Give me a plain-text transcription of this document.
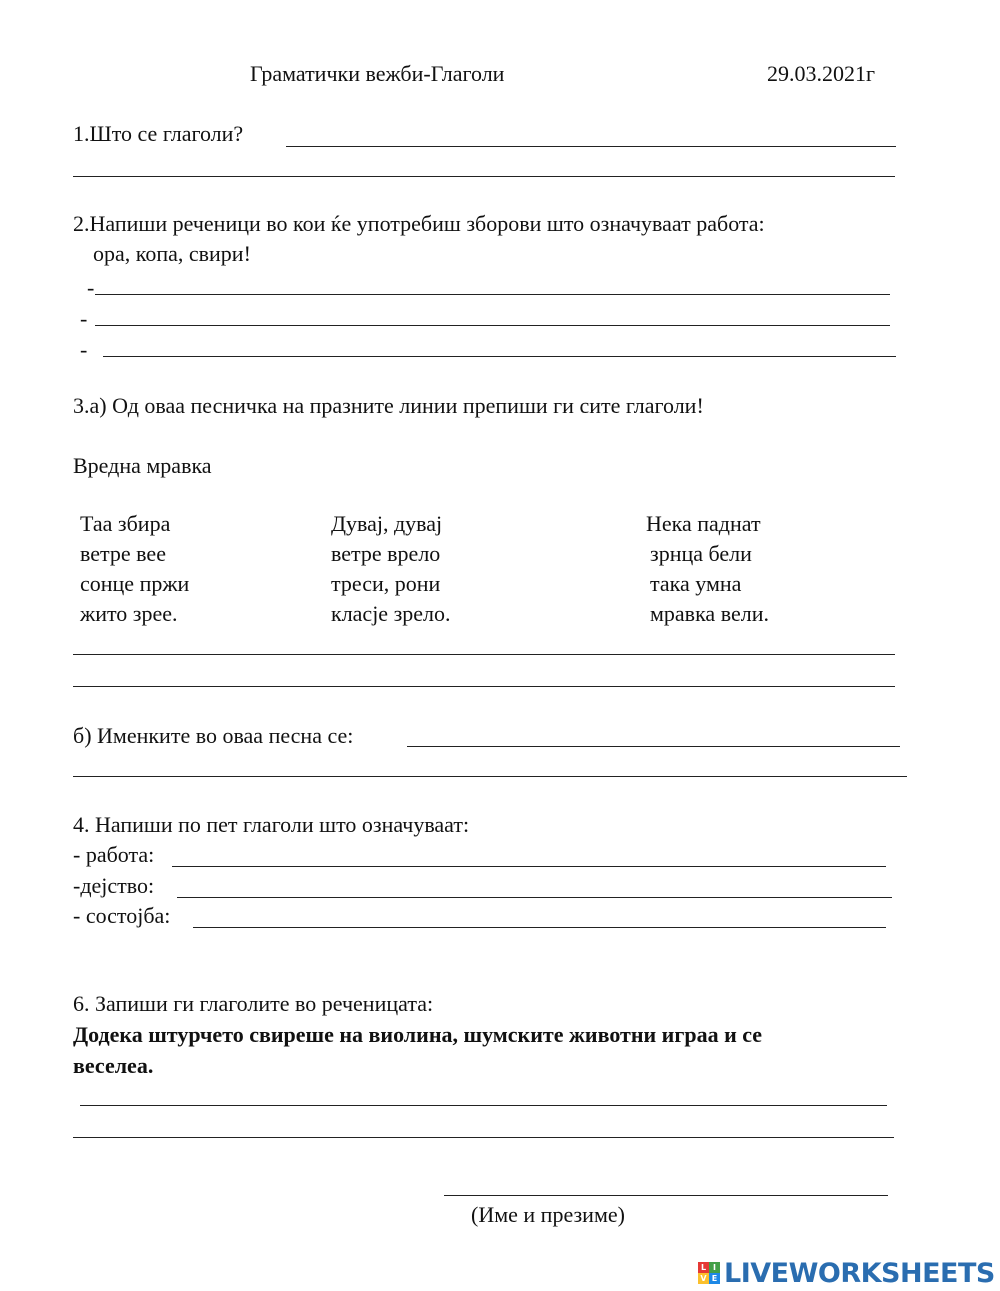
Граматички вежби-Глаголи	29.03.2021г
1.Што се глаголи?
2.Напиши реченици во кои ќе употребиш зборови што означуваат работа:
ора, копа, свири!
-
-
-
3.а) Од оваа песничка на празните линии препиши ги сите глаголи!
Вредна мравка
Таа збира
ветре вее
сонце пржи
жито зрее.
Дувај, дувај
ветре врело
треси, рони
класје зрело.
Нека паднат
зрнца бели
така умна
мравка вели.
б) Именките во оваа песна се:
4. Напиши по пет глаголи што означуваат:
- работа:
-дејство:
- состојба:
6. Запиши ги глаголите во реченицата:
Додека штурчето свиреше на виолина, шумските животни играа и се
веселеа.
(Име и презиме)
L I
V E LIVEWORKSHEETS
